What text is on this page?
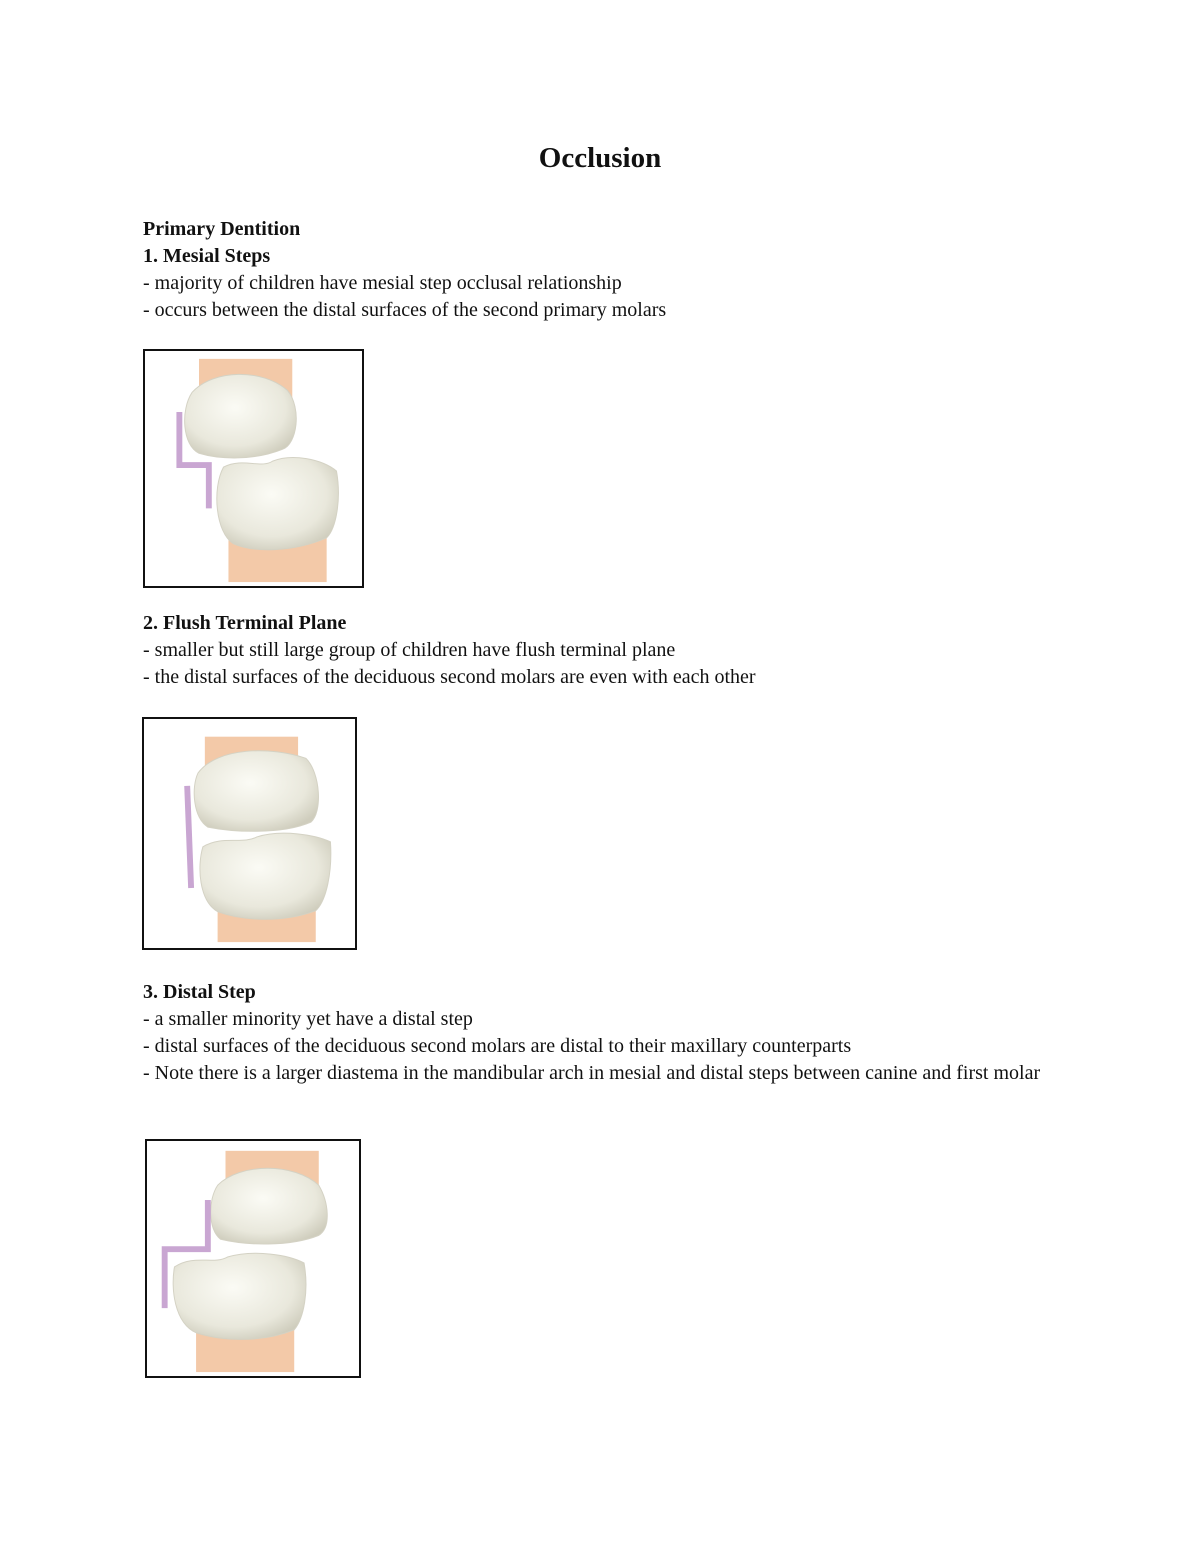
Occlusion
Primary Dentition
1. Mesial Steps
- majority of children have mesial step occlusal relationship
- occurs between the distal surfaces of the second primary molars
2. Flush Terminal Plane
- smaller but still large group of children have flush terminal plane
- the distal surfaces of the deciduous second molars are even with each other
3. Distal Step
- a smaller minority yet have a distal step
- distal surfaces of the deciduous second molars are distal to their maxillary counterparts
- Note there is a larger diastema in the mandibular arch in mesial and distal steps between canine and first molar
